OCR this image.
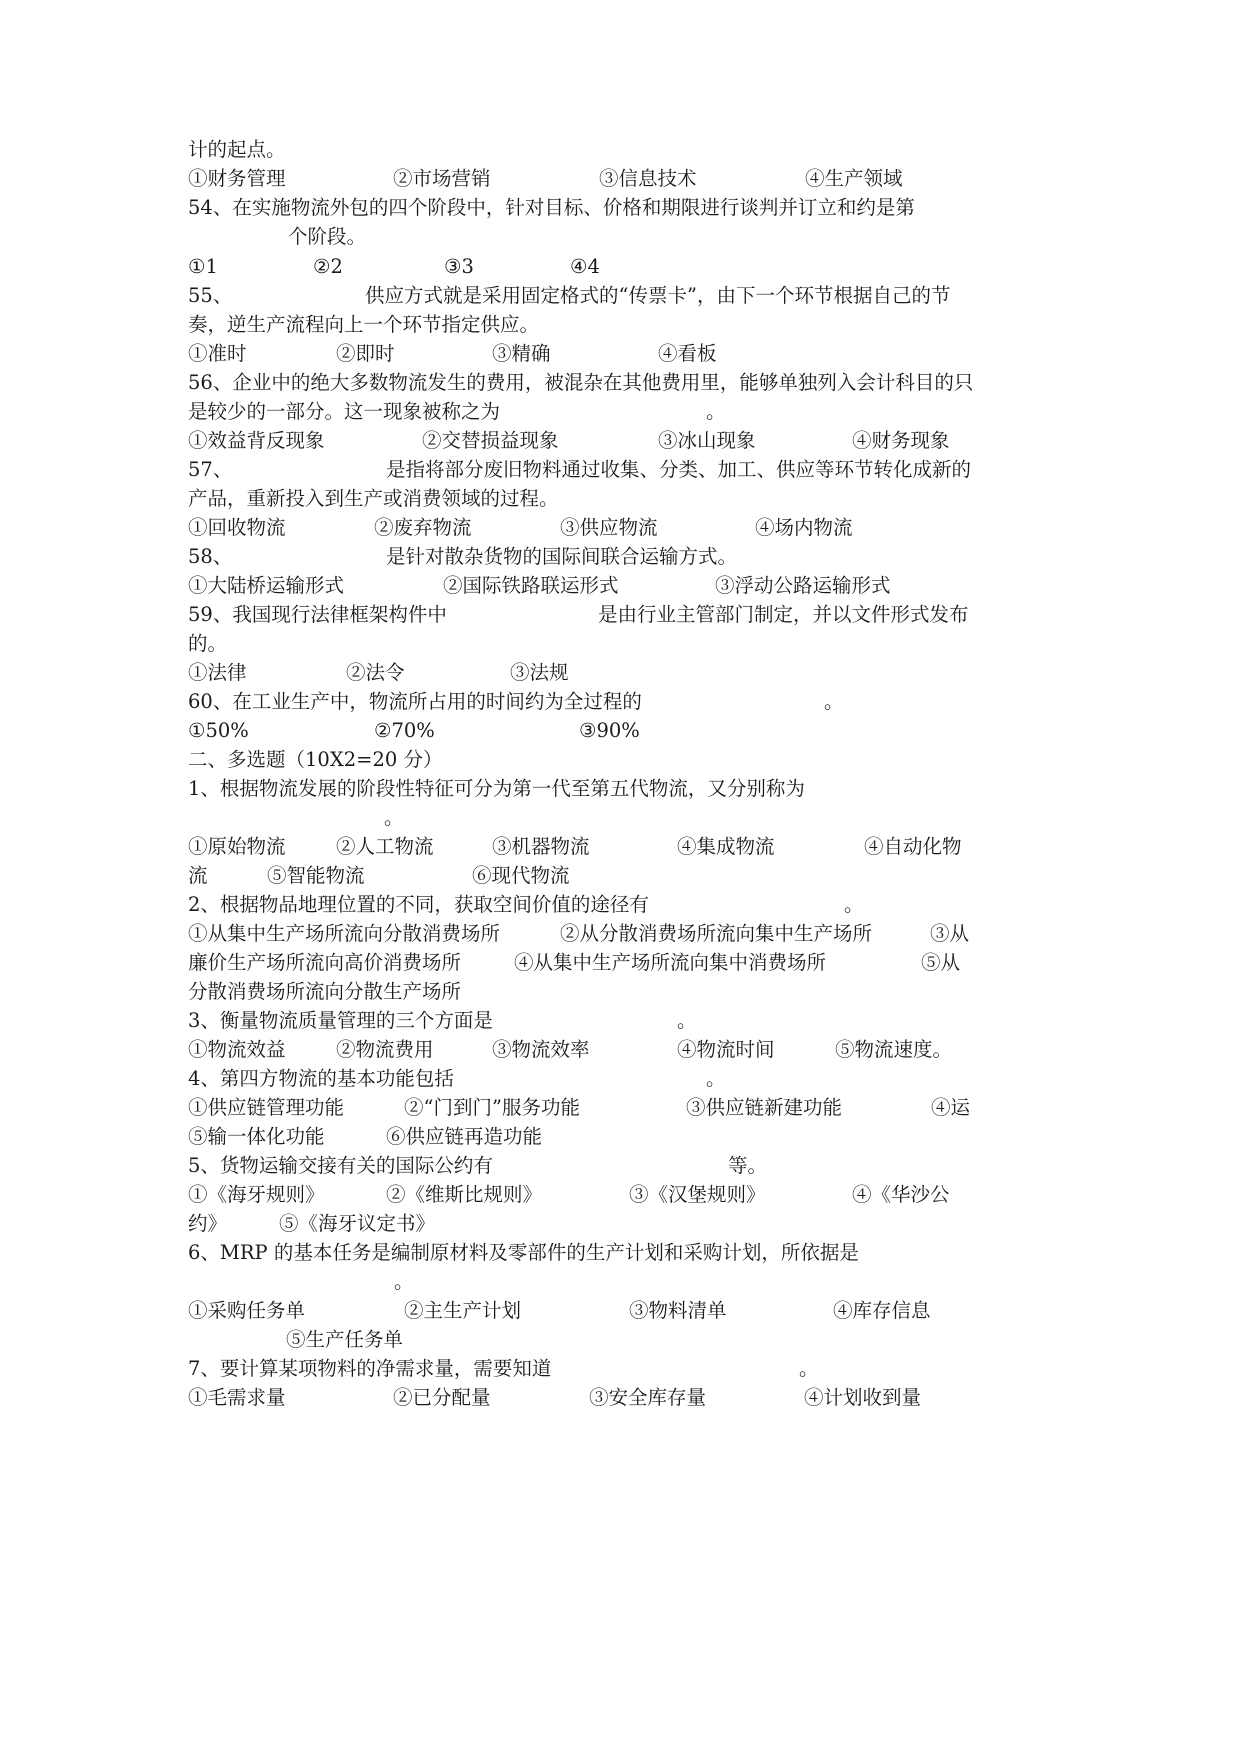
计的起点。
①财务管理	②市场营销	③信息技术	④生产领域
54、在实施物流外包的四个阶段中，针对目标、价格和期限进行谈判并订立和约是第
个阶段。
①1	②2	③3	④4
55、	供应方式就是采用固定格式的“传票卡”，由下一个环节根据自己的节
奏，逆生产流程向上一个环节指定供应。
①准时	②即时	③精确	④看板
56、企业中的绝大多数物流发生的费用，被混杂在其他费用里，能够单独列入会计科目的只
是较少的一部分。这一现象被称之为	。
①效益背反现象	②交替损益现象	③冰山现象	④财务现象
57、	是指将部分废旧物料通过收集、分类、加工、供应等环节转化成新的
产品，重新投入到生产或消费领域的过程。
①回收物流	②废弃物流	③供应物流	④场内物流
58、	是针对散杂货物的国际间联合运输方式。
①大陆桥运输形式	②国际铁路联运形式	③浮动公路运输形式
59、我国现行法律框架构件中	是由行业主管部门制定，并以文件形式发布
的。
①法律	②法令	③法规
60、在工业生产中，物流所占用的时间约为全过程的	。
①50%	②70%	③90%
二、多选题（10X2=20 分）
1、根据物流发展的阶段性特征可分为第一代至第五代物流，又分别称为
。
①原始物流	②人工物流	③机器物流	④集成物流	④自动化物
流	⑤智能物流	⑥现代物流
2、根据物品地理位置的不同，获取空间价值的途径有	。
①从集中生产场所流向分散消费场所	②从分散消费场所流向集中生产场所	③从
廉价生产场所流向高价消费场所	④从集中生产场所流向集中消费场所	⑤从
分散消费场所流向分散生产场所
3、衡量物流质量管理的三个方面是	。
①物流效益	②物流费用	③物流效率	④物流时间	⑤物流速度。
4、第四方物流的基本功能包括	。
①供应链管理功能	②“门到门”服务功能	③供应链新建功能	④运
⑤输一体化功能	⑥供应链再造功能
5、货物运输交接有关的国际公约有	等。
①《海牙规则》	②《维斯比规则》	③《汉堡规则》	④《华沙公
约》	⑤《海牙议定书》
6、MRP 的基本任务是编制原材料及零部件的生产计划和采购计划，所依据是
。
①采购任务单	②主生产计划	③物料清单	④库存信息
⑤生产任务单
7、要计算某项物料的净需求量，需要知道	。
①毛需求量	②已分配量	③安全库存量	④计划收到量
